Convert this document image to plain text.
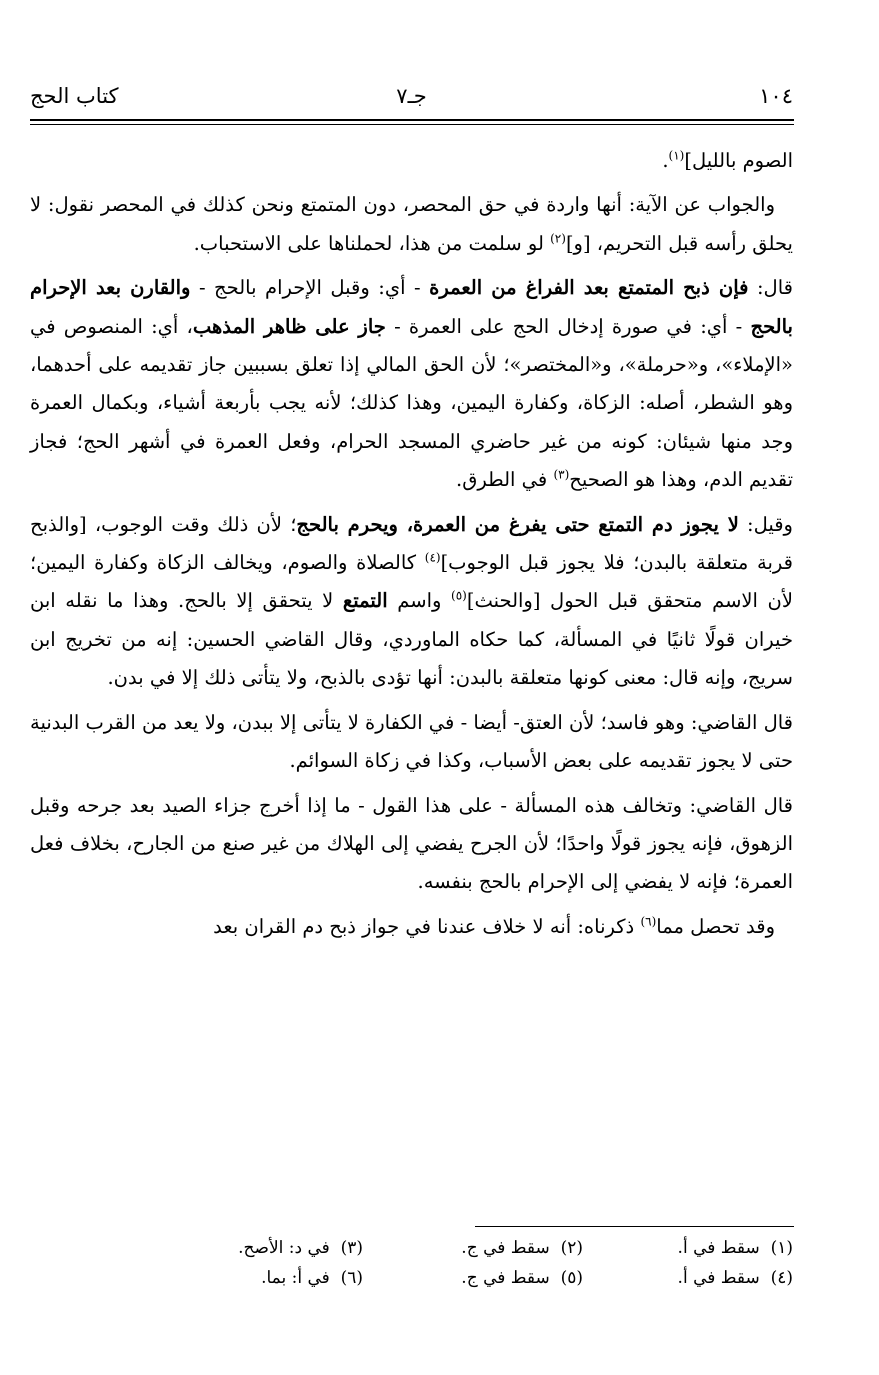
١٠٤
جـ٧
كتاب الحج

الصوم بالليل]$^{(١)}$.

والجواب عن الآية: أنها واردة في حق المحصر، دون المتمتع ونحن كذلك في المحصر نقول: لا يحلق رأسه قبل التحريم، [و]$^{(٢)}$ لو سلمت من هذا، لحملناها على الاستحباب.

قال: فإن ذبح المتمتع بعد الفراغ من العمرة - أي: وقبل الإحرام بالحج - والقارن بعد الإحرام بالحج - أي: في صورة إدخال الحج على العمرة - جاز على ظاهر المذهب، أي: المنصوص في «الإملاء»، و«حرملة»، و«المختصر»؛ لأن الحق المالي إذا تعلق بسببين جاز تقديمه على أحدهما، وهو الشطر، أصله: الزكاة، وكفارة اليمين، وهذا كذلك؛ لأنه يجب بأربعة أشياء، وبكمال العمرة وجد منها شيئان: كونه من غير حاضري المسجد الحرام، وفعل العمرة في أشهر الحج؛ فجاز تقديم الدم، وهذا هو الصحيح$^{(٣)}$ في الطرق.

وقيل: لا يجوز دم التمتع حتى يفرغ من العمرة، ويحرم بالحج؛ لأن ذلك وقت الوجوب، [والذبح قربة متعلقة بالبدن؛ فلا يجوز قبل الوجوب]$^{(٤)}$ كالصلاة والصوم، ويخالف الزكاة وكفارة اليمين؛ لأن الاسم متحقق قبل الحول [والحنث]$^{(٥)}$ واسم التمتع لا يتحقق إلا بالحج. وهذا ما نقله ابن خيران قولًا ثانيًا في المسألة، كما حكاه الماوردي، وقال القاضي الحسين: إنه من تخريج ابن سريج، وإنه قال: معنى كونها متعلقة بالبدن: أنها تؤدى بالذبح، ولا يتأتى ذلك إلا في بدن.

قال القاضي: وهو فاسد؛ لأن العتق- أيضا - في الكفارة لا يتأتى إلا ببدن، ولا يعد من القرب البدنية حتى لا يجوز تقديمه على بعض الأسباب، وكذا في زكاة السوائم.

قال القاضي: وتخالف هذه المسألة - على هذا القول - ما إذا أخرج جزاء الصيد بعد جرحه وقبل الزهوق، فإنه يجوز قولًا واحدًا؛ لأن الجرح يفضي إلى الهلاك من غير صنع من الجارح، بخلاف فعل العمرة؛ فإنه لا يفضي إلى الإحرام بالحج بنفسه.

وقد تحصل مما$^{(٦)}$ ذكرناه: أنه لا خلاف عندنا في جواز ذبح دم القران بعد

(١)  سقط في أ.
(٢)  سقط في ج.
(٣)  في د: الأصح.
(٤)  سقط في أ.
(٥)  سقط في ج.
(٦)  في أ: بما.
